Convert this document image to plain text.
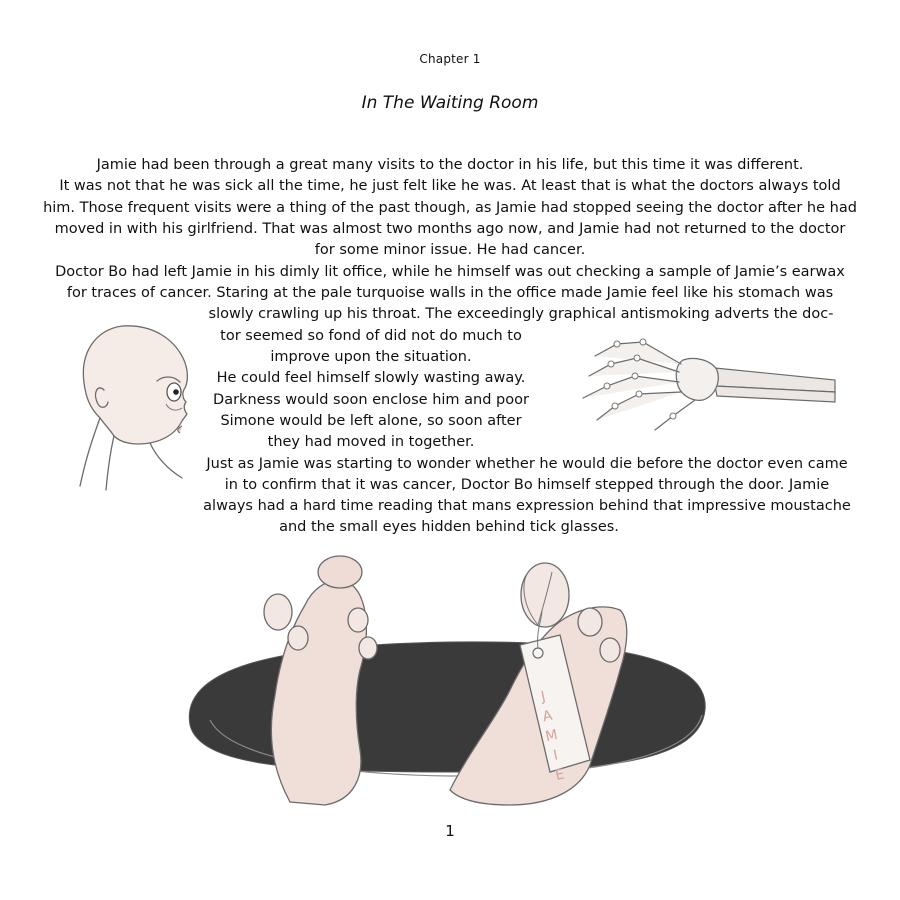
Chapter 1
In The Waiting Room
Jamie had been through a great many visits to the doctor in his life, but this time it was different.
It was not that he was sick all the time, he just felt like he was. At least that is what the doctors always told
him. Those frequent visits were a thing of the past though, as Jamie had stopped seeing the doctor after he had
moved in with his girlfriend. That was almost two months ago now, and Jamie had not returned to the doctor
for some minor issue. He had cancer.
Doctor Bo had left Jamie in his dimly lit office, while he himself was out checking a sample of Jamie’s earwax
for traces of cancer. Staring at the pale turquoise walls in the office made Jamie feel like his stomach was
slowly crawling up his throat. The exceedingly graphical antismoking adverts the doc-
tor seemed so fond of did not do much to
improve upon the situation.
He could feel himself slowly wasting away.
Darkness would soon enclose him and poor
Simone would be left alone, so soon after
they had moved in together.
Just as Jamie was starting to wonder whether he would die before the doctor even came
in to confirm that it was cancer, Doctor Bo himself stepped through the door. Jamie
always had a hard time reading that mans expression behind that impressive moustache
and the small eyes hidden behind tick glasses.
JAMIE
1
